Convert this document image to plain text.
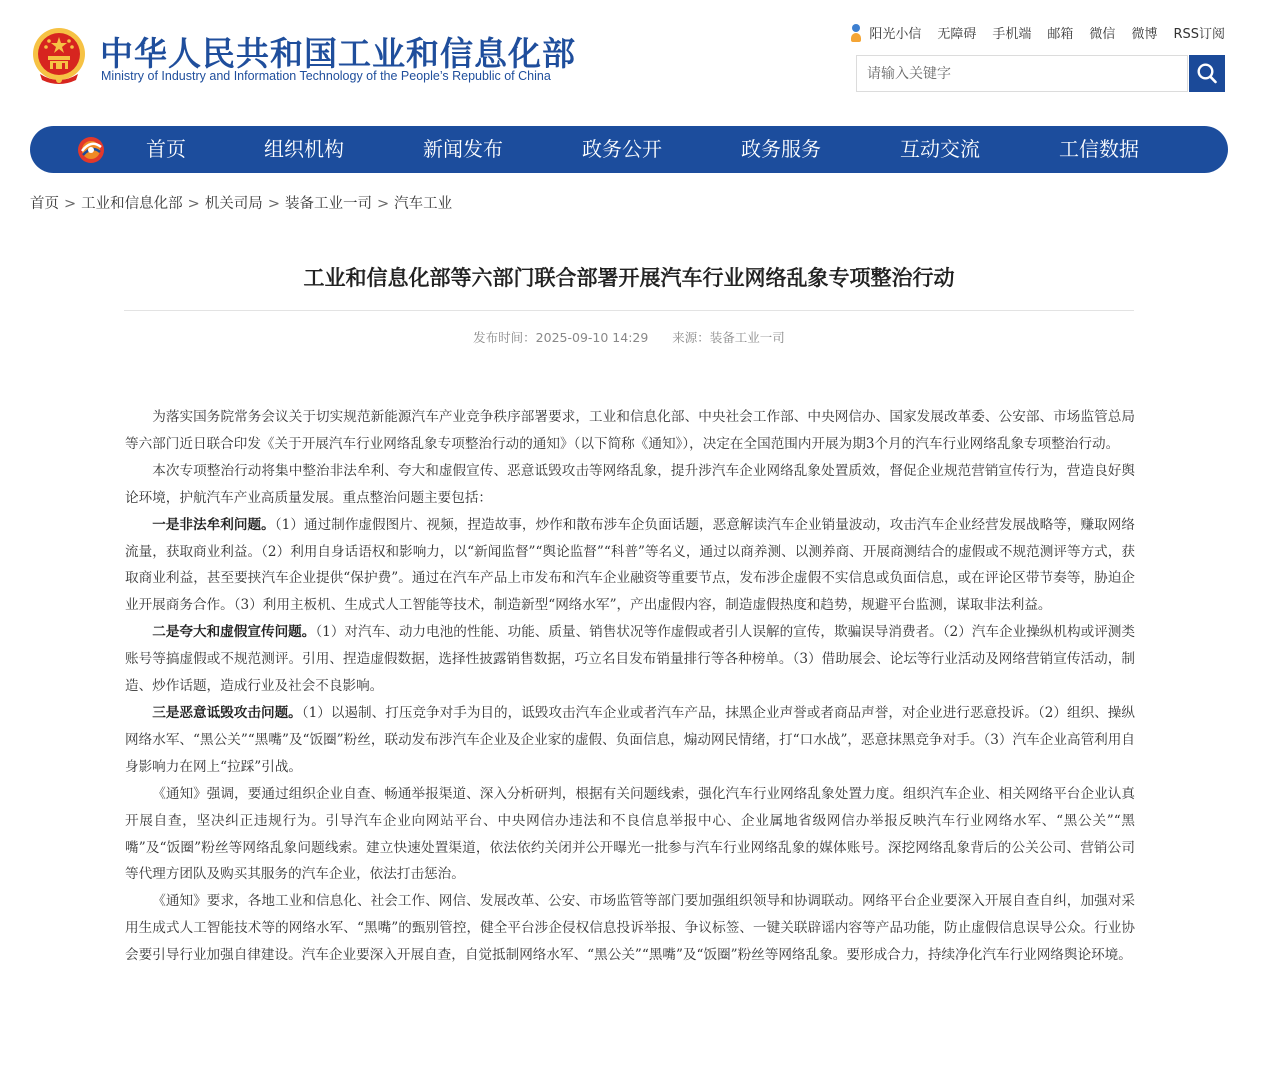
中华人民共和国工业和信息化部
Ministry of Industry and Information Technology of the People’s Republic of China
阳光小信 无障碍 手机端 邮箱 微信 微博 RSS订阅
请输入关键字
首页	组织机构	新闻发布	政务公开	政务服务	互动交流	工信数据
首页 > 工业和信息化部 > 机关司局 > 装备工业一司 > 汽车工业
工业和信息化部等六部门联合部署开展汽车行业网络乱象专项整治行动
发布时间：2025-09-10 14:29 来源：装备工业一司

为落实国务院常务会议关于切实规范新能源汽车产业竞争秩序部署要求，工业和信息化部、中央社会工作部、中央网信办、国家发展改革委、公安部、市场监管总局等六部门近日联合印发《关于开展汽车行业网络乱象专项整治行动的通知》（以下简称《通知》），决定在全国范围内开展为期3个月的汽车行业网络乱象专项整治行动。

本次专项整治行动将集中整治非法牟利、夸大和虚假宣传、恶意诋毁攻击等网络乱象，提升涉汽车企业网络乱象处置质效，督促企业规范营销宣传行为，营造良好舆论环境，护航汽车产业高质量发展。重点整治问题主要包括：

一是非法牟利问题。（1）通过制作虚假图片、视频，捏造故事，炒作和散布涉车企负面话题，恶意解读汽车企业销量波动，攻击汽车企业经营发展战略等，赚取网络流量，获取商业利益。（2）利用自身话语权和影响力，以“新闻监督”“舆论监督”“科普”等名义，通过以商养测、以测养商、开展商测结合的虚假或不规范测评等方式，获取商业利益，甚至要挟汽车企业提供“保护费”。通过在汽车产品上市发布和汽车企业融资等重要节点，发布涉企虚假不实信息或负面信息，或在评论区带节奏等，胁迫企业开展商务合作。（3）利用主板机、生成式人工智能等技术，制造新型“网络水军”，产出虚假内容，制造虚假热度和趋势，规避平台监测，谋取非法利益。

二是夸大和虚假宣传问题。（1）对汽车、动力电池的性能、功能、质量、销售状况等作虚假或者引人误解的宣传，欺骗误导消费者。（2）汽车企业操纵机构或评测类账号等搞虚假或不规范测评。引用、捏造虚假数据，选择性披露销售数据，巧立名目发布销量排行等各种榜单。（3）借助展会、论坛等行业活动及网络营销宣传活动，制造、炒作话题，造成行业及社会不良影响。

三是恶意诋毁攻击问题。（1）以遏制、打压竞争对手为目的，诋毁攻击汽车企业或者汽车产品，抹黑企业声誉或者商品声誉，对企业进行恶意投诉。（2）组织、操纵网络水军、“黑公关”“黑嘴”及“饭圈”粉丝，联动发布涉汽车企业及企业家的虚假、负面信息，煽动网民情绪，打“口水战”，恶意抹黑竞争对手。（3）汽车企业高管利用自身影响力在网上“拉踩”引战。

《通知》强调，要通过组织企业自查、畅通举报渠道、深入分析研判，根据有关问题线索，强化汽车行业网络乱象处置力度。组织汽车企业、相关网络平台企业认真开展自查，坚决纠正违规行为。引导汽车企业向网站平台、中央网信办违法和不良信息举报中心、企业属地省级网信办举报反映汽车行业网络水军、“黑公关”“黑嘴”及“饭圈”粉丝等网络乱象问题线索。建立快速处置渠道，依法依约关闭并公开曝光一批参与汽车行业网络乱象的媒体账号。深挖网络乱象背后的公关公司、营销公司等代理方团队及购买其服务的汽车企业，依法打击惩治。

《通知》要求，各地工业和信息化、社会工作、网信、发展改革、公安、市场监管等部门要加强组织领导和协调联动。网络平台企业要深入开展自查自纠，加强对采用生成式人工智能技术等的网络水军、“黑嘴”的甄别管控，健全平台涉企侵权信息投诉举报、争议标签、一键关联辟谣内容等产品功能，防止虚假信息误导公众。行业协会要引导行业加强自律建设。汽车企业要深入开展自查，自觉抵制网络水军、“黑公关”“黑嘴”及“饭圈”粉丝等网络乱象。要形成合力，持续净化汽车行业网络舆论环境。
